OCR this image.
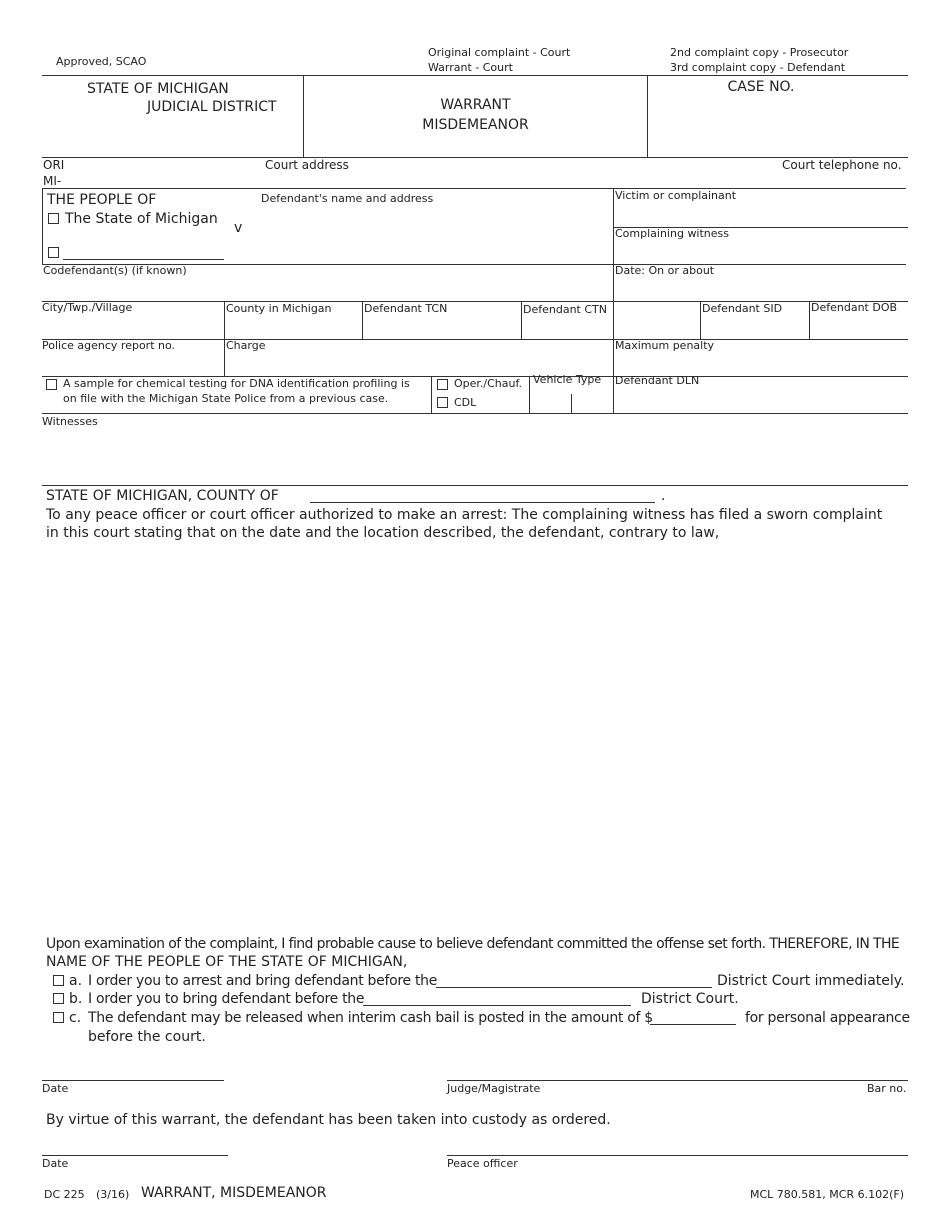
Approved, SCAO
Original complaint - Court
Warrant - Court
2nd complaint copy - Prosecutor
3rd complaint copy - Defendant
STATE OF MICHIGAN
JUDICIAL DISTRICT	WARRANT
MISDEMEANOR
CASE NO.
ORI
MI-
Court address	Court telephone no.
THE PEOPLE OF
The State of Michigan
v
Defendant's name and address	Victim or complainant
Complaining witness
Codefendant(s) (if known)	Date: On or about
City/Twp./Village	County in Michigan	Defendant TCN	Defendant CTN	Defendant SID	Defendant DOB
Police agency report no.	Charge	Maximum penalty
A sample for chemical testing for DNA identification profiling is
on file with the Michigan State Police from a previous case.
Oper./Chauf.
CDL
Vehicle Type Defendant DLN
Witnesses
STATE OF MICHIGAN, COUNTY OF	.
To any peace officer or court officer authorized to make an arrest: The complaining witness has filed a sworn complaint
in this court stating that on the date and the location described, the defendant, contrary to law,
Upon examination of the complaint, I find probable cause to believe defendant committed the offense set forth. THEREFORE, IN THE
NAME OF THE PEOPLE OF THE STATE OF MICHIGAN,
a. I order you to arrest and bring defendant before the	District Court immediately.
b. I order you to bring defendant before the	District Court.
c. The defendant may be released when interim cash bail is posted in the amount of $	for personal appearance
before the court.
Date	Judge/Magistrate	Bar no.
By virtue of this warrant, the defendant has been taken into custody as ordered.
Date	Peace officer
DC 225 (3/16) WARRANT, MISDEMEANOR	MCL 780.581, MCR 6.102(F)
